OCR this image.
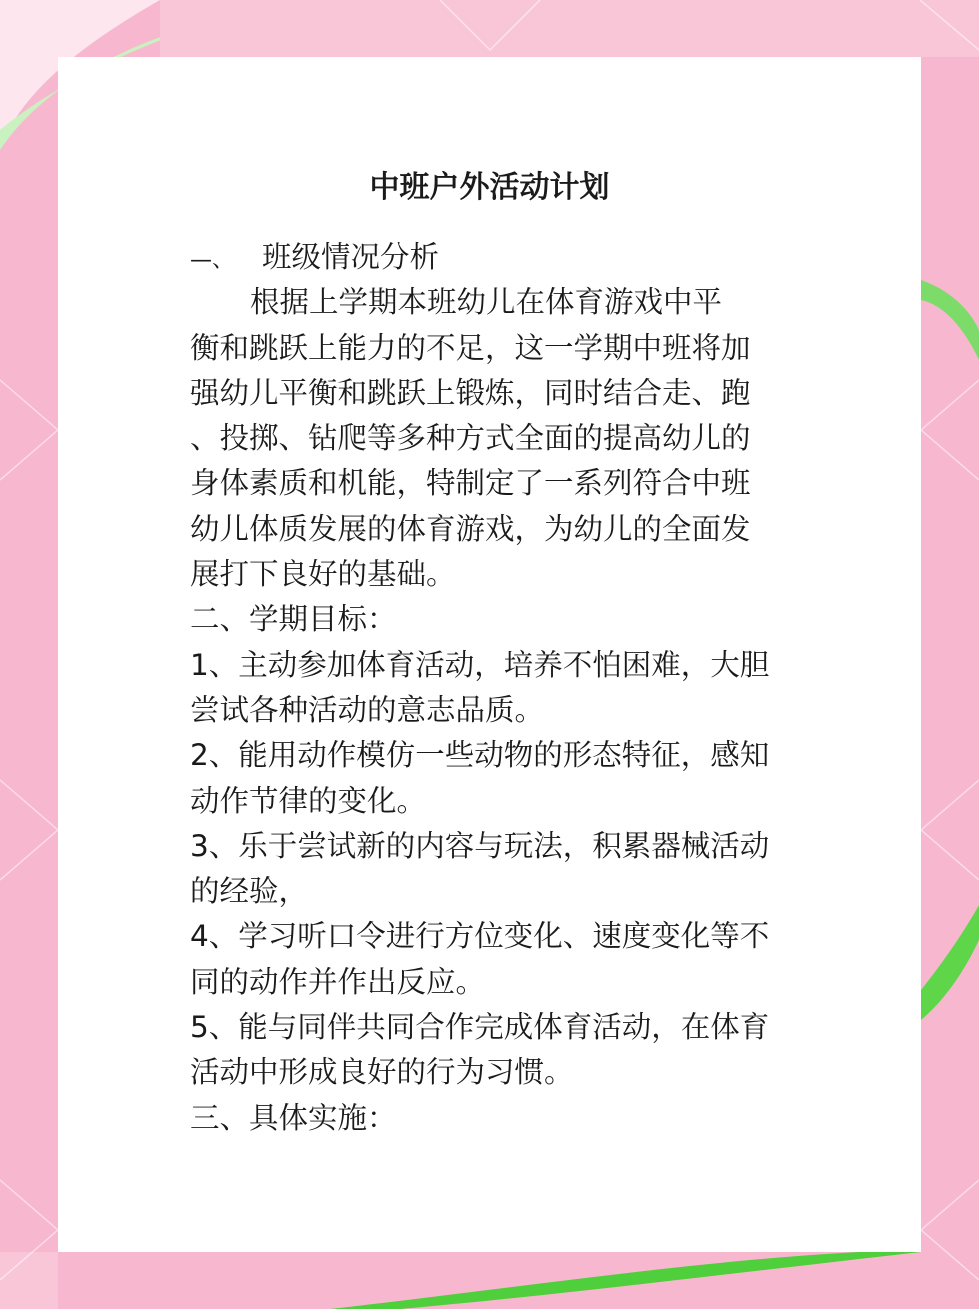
中班户外活动计划
—、 班级情况分析
根据上学期本班幼儿在体育游戏中平
衡和跳跃上能力的不足，这一学期中班将加
强幼儿平衡和跳跃上锻炼，同时结合走、跑
、投掷、钻爬等多种方式全面的提高幼儿的
身体素质和机能，特制定了一系列符合中班
幼儿体质发展的体育游戏，为幼儿的全面发
展打下良好的基础。
二、学期目标：
1、主动参加体育活动，培养不怕困难，大胆
尝试各种活动的意志品质。
2、能用动作模仿一些动物的形态特征，感知
动作节律的变化。
3、乐于尝试新的内容与玩法，积累器械活动
的经验，
4、学习听口令进行方位变化、速度变化等不
同的动作并作出反应。
5、能与同伴共同合作完成体育活动，在体育
活动中形成良好的行为习惯。
三、具体实施：
